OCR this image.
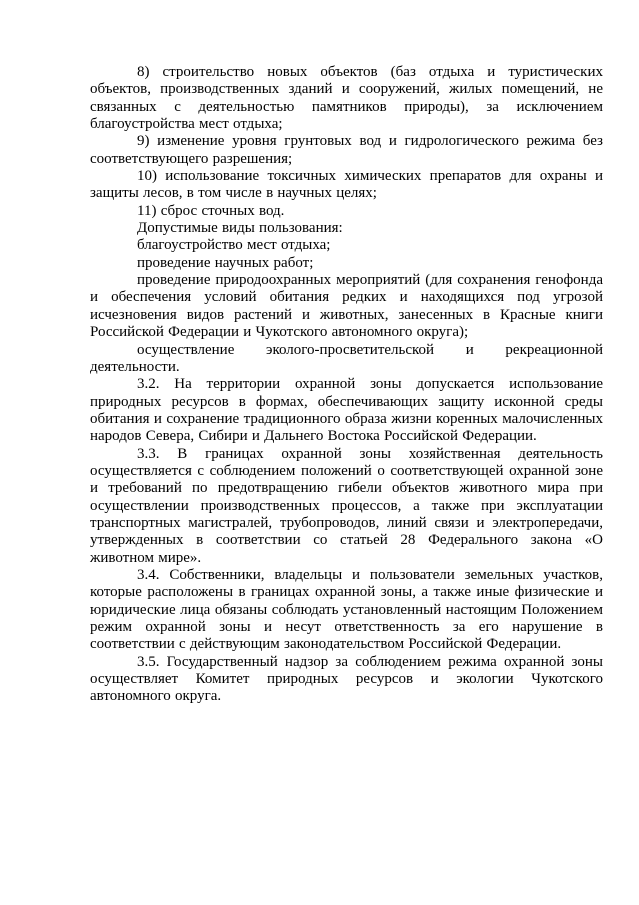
8) строительство новых объектов (баз отдыха и туристических объектов, производственных зданий и сооружений, жилых помещений, не связанных с деятельностью памятников природы), за исключением благоустройства мест отдыха;

9) изменение уровня грунтовых вод и гидрологического режима без соответствующего разрешения;

10) использование токсичных химических препаратов для охраны и защиты лесов, в том числе в научных целях;

11) сброс сточных вод.

Допустимые виды пользования:

благоустройство мест отдыха;

проведение научных работ;

проведение природоохранных мероприятий (для сохранения генофонда и обеспечения условий обитания редких и находящихся под угрозой исчезновения видов растений и животных, занесенных в Красные книги Российской Федерации и Чукотского автономного округа);

осуществление эколого-просветительской и рекреационной деятельности.

3.2. На территории охранной зоны допускается использование природных ресурсов в формах, обеспечивающих защиту исконной среды обитания и сохранение традиционного образа жизни коренных малочисленных народов Севера, Сибири и Дальнего Востока Российской Федерации.

3.3. В границах охранной зоны хозяйственная деятельность осуществляется с соблюдением положений о соответствующей охранной зоне и требований по предотвращению гибели объектов животного мира при осуществлении производственных процессов, а также при эксплуатации транспортных магистралей, трубопроводов, линий связи и электропередачи, утвержденных в соответствии со статьей 28 Федерального закона «О животном мире».

3.4. Собственники, владельцы и пользователи земельных участков, которые расположены в границах охранной зоны, а также иные физические и юридические лица обязаны соблюдать установленный настоящим Положением режим охранной зоны и несут ответственность за его нарушение в соответствии с действующим законодательством Российской Федерации.

3.5. Государственный надзор за соблюдением режима охранной зоны осуществляет Комитет природных ресурсов и экологии Чукотского автономного округа.
